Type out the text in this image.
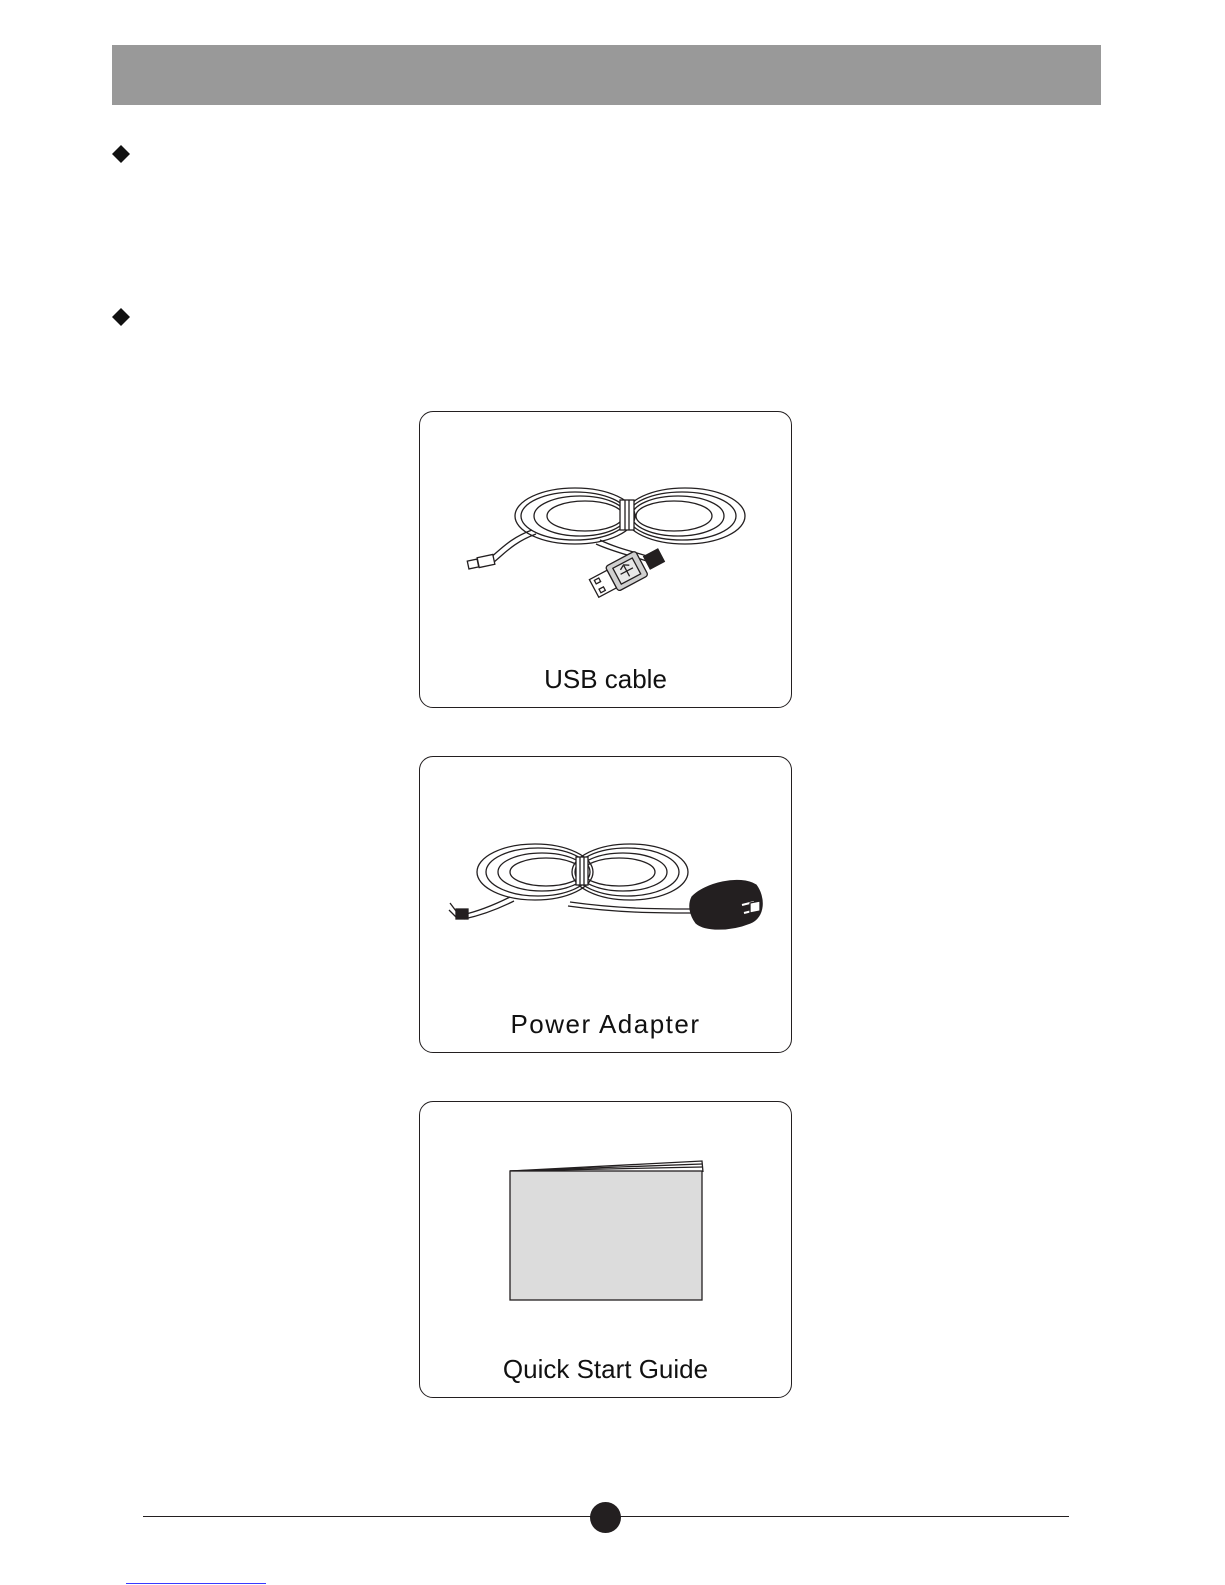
USB cable
Power Adapter
Quick Start Guide
